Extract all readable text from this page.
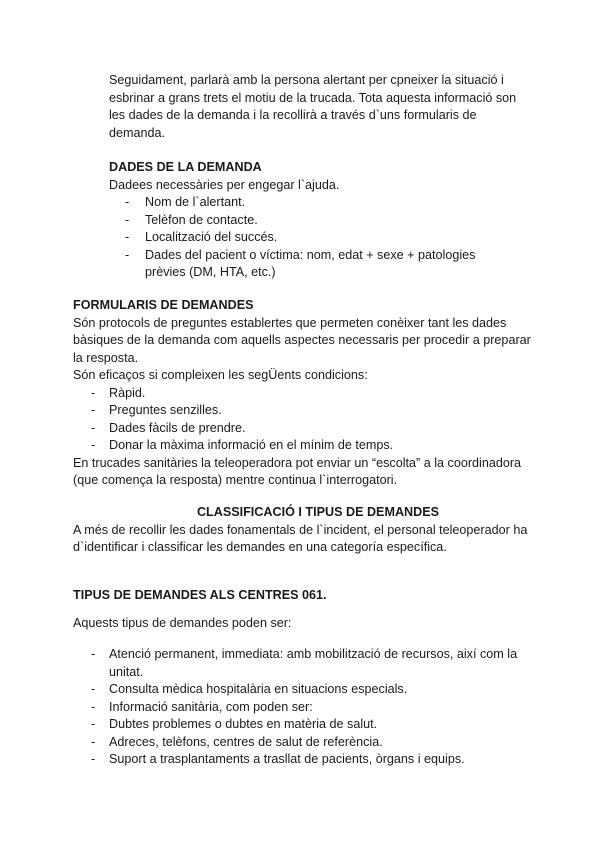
Seguidament, parlarà amb la persona alertant per cpneixer la situació i esbrinar a grans trets el motiu de la trucada. Tota aquesta informació son les dades de la demanda i la recollirà a través d`uns formularis de demanda.

DADES DE LA DEMANDA

Dadees necessàries per engegar l`ajuda.

- Nom de l`alertant.
- Telèfon de contacte.
- Localització del succés.
- Dades del pacient o víctima: nom, edat + sexe + patologies prèvies (DM, HTA, etc.)
FORMULARIS DE DEMANDES

Són protocols de preguntes establertes que permeten conèixer tant les dades bàsiques de la demanda com aquells aspectes necessaris per procedir a preparar la resposta.

Són eficaços si compleixen les segÜents condicions:

- Ràpid.
- Preguntes senzilles.
- Dades fàcils de prendre.
- Donar la màxima informació en el mínim de temps.

En trucades sanitàries la teleoperadora pot enviar un “escolta” a la coordinadora (que comença la resposta) mentre continua l`interrogatori.

CLASSIFICACIÓ I TIPUS DE DEMANDES

A més de recollir les dades fonamentals de l`incident, el personal teleoperador ha d`identificar i classificar les demandes en una categoría específica.

TIPUS DE DEMANDES ALS CENTRES 061.

Aquests tipus de demandes poden ser:

- Atenció permanent, immediata: amb mobilització de recursos, així com la unitat.
- Consulta mèdica hospitalària en situacions especials.
- Informació sanitària, com poden ser:
- Dubtes problemes o dubtes en matèria de salut.
- Adreces, telèfons, centres de salut de referència.
- Suport a trasplantaments a trasllat de pacients, òrgans i equips.
